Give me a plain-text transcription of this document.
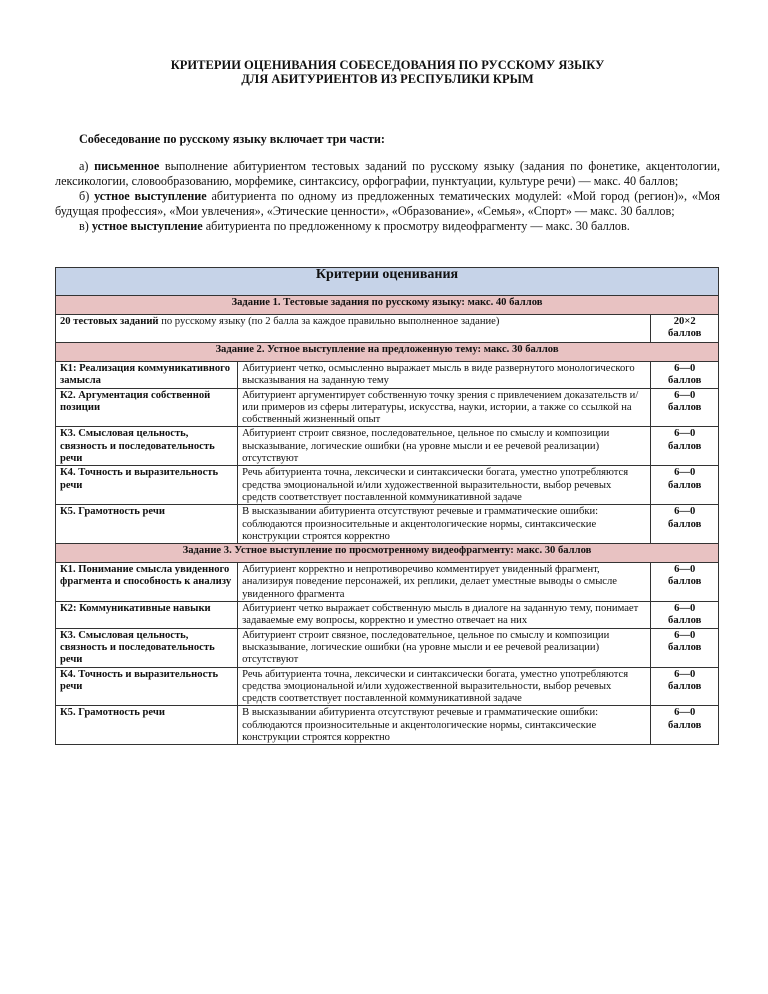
КРИТЕРИИ ОЦЕНИВАНИЯ СОБЕСЕДОВАНИЯ ПО РУССКОМУ ЯЗЫКУ

ДЛЯ АБИТУРИЕНТОВ ИЗ РЕСПУБЛИКИ КРЫМ

Собеседование по русскому языку включает три части:

а) письменное выполнение абитуриентом тестовых заданий по русскому языку (задания по фонетике, акцентологии, лексикологии, словообразованию, морфемике, синтаксису, орфографии, пунктуации, культуре речи) — макс. 40 баллов;

б) устное выступление абитуриента по одному из предложенных тематических модулей: «Мой город (регион)», «Моя будущая профессия», «Мои увлечения», «Этические ценности», «Образование», «Семья», «Спорт» — макс. 30 баллов;

в) устное выступление абитуриента по предложенному к просмотру видеофрагменту — макс. 30 баллов.

Критерии оценивания		
Задание 1. Тестовые задания по русскому языку: макс. 40 баллов		
20 тестовых заданий по русскому языку (по 2 балла за каждое правильно выполненное задание)		20×2
баллов

Задание 2. Устное выступление на предложенную тему: макс. 30 баллов		
К1: Реализация коммуникативного замысла	Абитуриент четко, осмысленно выражает мысль в виде развернутого монологического высказывания на заданную тему	6—0
баллов

К2. Аргументация собственной позиции	Абитуриент аргументирует собственную точку зрения с привлечением доказательств и/или примеров из сферы литературы, искусства, науки, истории, а также со ссылкой на собственный жизненный опыт	6—0
баллов

К3. Смысловая цельность, связность и последовательность речи	Абитуриент строит связное, последовательное, цельное по смыслу и композиции высказывание, логические ошибки (на уровне мысли и ее речевой реализации) отсутствуют	6—0
баллов

К4. Точность и выразительность речи	Речь абитуриента точна, лексически и синтаксически богата, уместно употребляются средства эмоциональной и/или художественной выразительности, выбор речевых средств соответствует поставленной коммуникативной задаче	6—0
баллов

К5. Грамотность речи	В высказывании абитуриента отсутствуют речевые и грамматические ошибки: соблюдаются произносительные и акцентологические нормы, синтаксические конструкции строятся корректно	6—0
баллов

Задание 3. Устное выступление по просмотренному видеофрагменту: макс. 30 баллов		
К1. Понимание смысла увиденного фрагмента и способность к анализу	Абитуриент корректно и непротиворечиво комментирует увиденный фрагмент, анализируя поведение персонажей, их реплики, делает уместные выводы о смысле увиденного фрагмента	6—0
баллов

К2: Коммуникативные навыки	Абитуриент четко выражает собственную мысль в диалоге на заданную тему, понимает задаваемые ему вопросы, корректно и уместно отвечает на них	6—0
баллов

К3. Смысловая цельность, связность и последовательность речи	Абитуриент строит связное, последовательное, цельное по смыслу и композиции высказывание, логические ошибки (на уровне мысли и ее речевой реализации) отсутствуют	6—0
баллов

К4. Точность и выразительность речи	Речь абитуриента точна, лексически и синтаксически богата, уместно употребляются средства эмоциональной и/или художественной выразительности, выбор речевых средств соответствует поставленной коммуникативной задаче	6—0
баллов

К5. Грамотность речи	В высказывании абитуриента отсутствуют речевые и грамматические ошибки: соблюдаются произносительные и акцентологические нормы, синтаксические конструкции строятся корректно	6—0
баллов
